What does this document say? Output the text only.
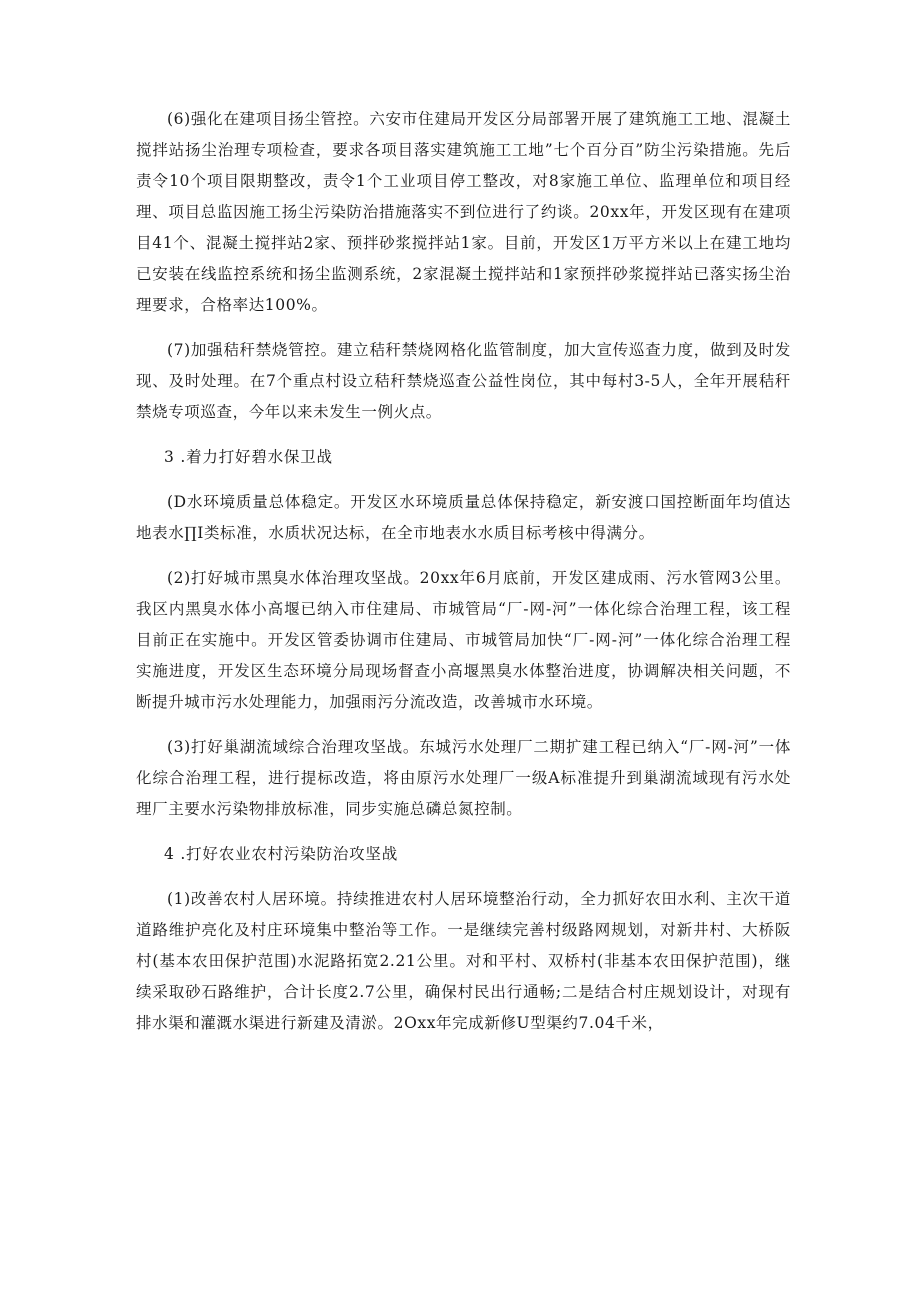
(6)强化在建项目扬尘管控。六安市住建局开发区分局部署开展了建筑施工工地、混凝土搅拌站扬尘治理专项检查，要求各项目落实建筑施工工地”七个百分百”防尘污染措施。先后责令10个项目限期整改，责令1个工业项目停工整改，对8家施工单位、监理单位和项目经理、项目总监因施工扬尘污染防治措施落实不到位进行了约谈。20xx年，开发区现有在建项目41个、混凝土搅拌站2家、预拌砂浆搅拌站1家。目前，开发区1万平方米以上在建工地均已安装在线监控系统和扬尘监测系统，2家混凝土搅拌站和1家预拌砂浆搅拌站已落实扬尘治理要求，合格率达100%。

(7)加强秸秆禁烧管控。建立秸秆禁烧网格化监管制度，加大宣传巡查力度，做到及时发现、及时处理。在7个重点村设立秸秆禁烧巡查公益性岗位，其中每村3-5人，全年开展秸秆禁烧专项巡查，今年以来未发生一例火点。

3 .着力打好碧水保卫战

(D水环境质量总体稳定。开发区水环境质量总体保持稳定，新安渡口国控断面年均值达地表水∏I类标准，水质状况达标，在全市地表水水质目标考核中得满分。

(2)打好城市黑臭水体治理攻坚战。20xx年6月底前，开发区建成雨、污水管网3公里。我区内黑臭水体小高堰已纳入市住建局、市城管局“厂-网-河”一体化综合治理工程，该工程目前正在实施中。开发区管委协调市住建局、市城管局加快“厂-网-河”一体化综合治理工程实施进度，开发区生态环境分局现场督查小高堰黑臭水体整治进度，协调解决相关问题，不断提升城市污水处理能力，加强雨污分流改造，改善城市水环境。

(3)打好巢湖流域综合治理攻坚战。东城污水处理厂二期扩建工程已纳入“厂-网-河”一体化综合治理工程，进行提标改造，将由原污水处理厂一级A标准提升到巢湖流域现有污水处理厂主要水污染物排放标准，同步实施总磷总氮控制。

4 .打好农业农村污染防治攻坚战

(1)改善农村人居环境。持续推进农村人居环境整治行动，全力抓好农田水利、主次干道道路维护亮化及村庄环境集中整治等工作。一是继续完善村级路网规划，对新井村、大桥阪村(基本农田保护范围)水泥路拓宽2.21公里。对和平村、双桥村(非基本农田保护范围)，继续采取砂石路维护，合计长度2.7公里，确保村民出行通畅;二是结合村庄规划设计，对现有排水渠和灌溉水渠进行新建及清淤。2Oxx年完成新修U型渠约7.04千米，
